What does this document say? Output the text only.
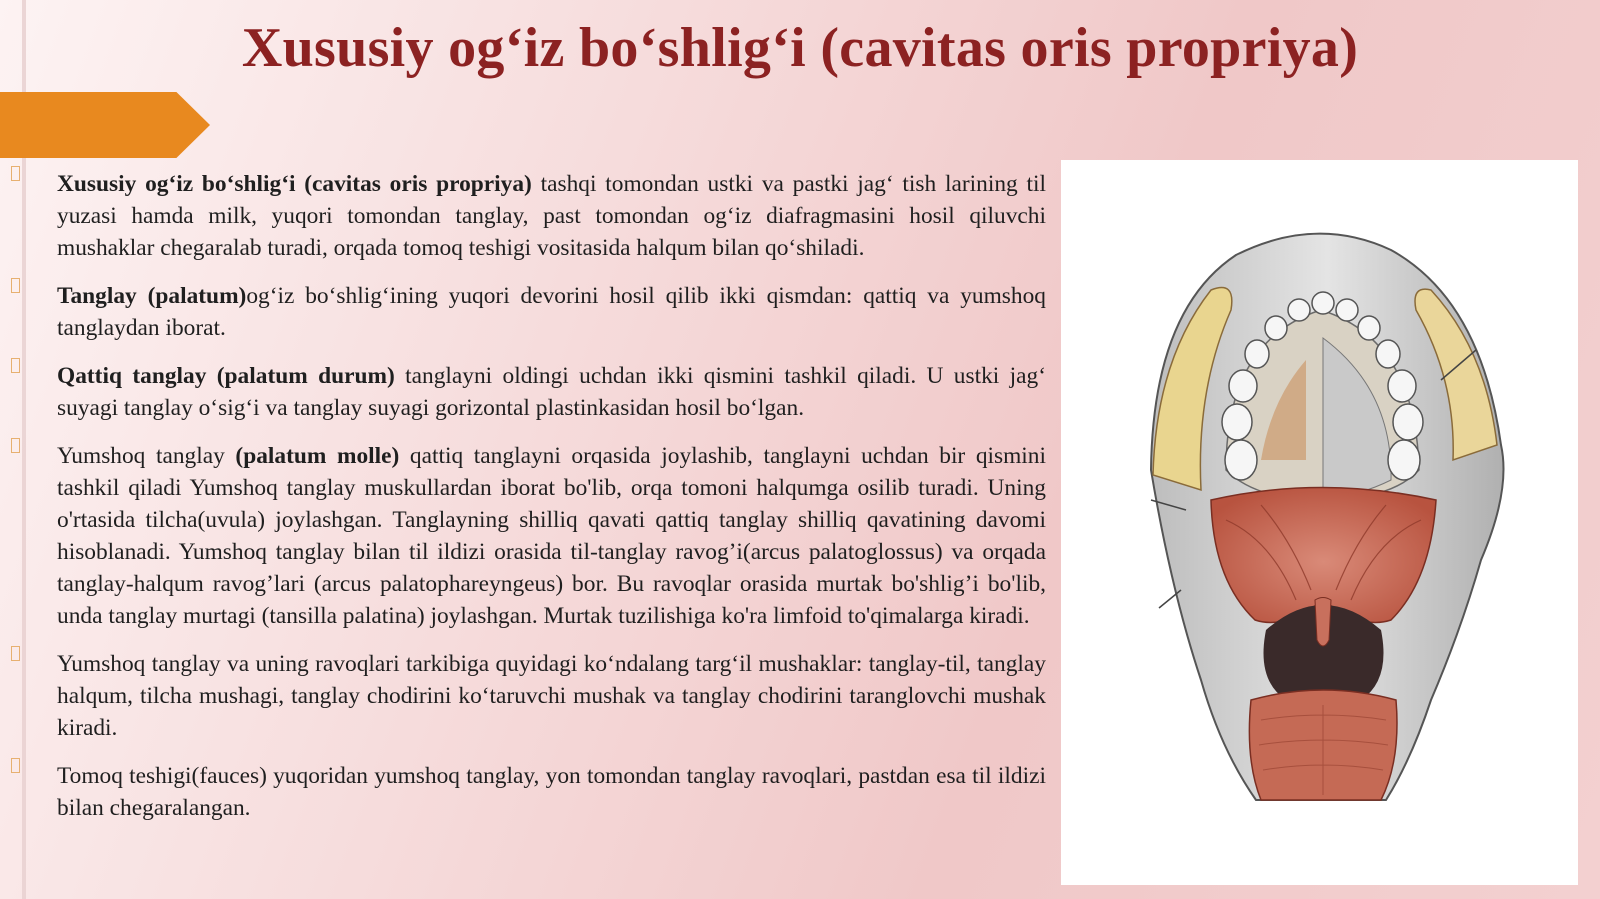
Xususiy og‘iz bo‘shlig‘i (cavitas oris propriya)

Xususiy og‘iz bo‘shlig‘i (cavitas oris propriya) tashqi tomondan ustki va pastki jag‘ tish larining til yuzasi hamda milk, yuqori tomondan tanglay, past tomondan og‘iz diafragmasini hosil qiluvchi mushaklar chegaralab turadi, orqada tomoq teshigi vositasida halqum bilan qo‘shiladi.

Tanglay (palatum)og‘iz bo‘shlig‘ining yuqori devorini hosil qilib ikki qismdan: qattiq va yumshoq tanglaydan iborat.

Qattiq tanglay (palatum durum) tanglayni oldingi uchdan ikki qismini tashkil qiladi. U ustki jag‘ suyagi tanglay o‘sig‘i va tanglay suyagi gorizontal plastinkasidan hosil bo‘lgan.

Yumshoq tanglay (palatum molle) qattiq tanglayni orqasida joylashib, tanglayni uchdan bir qismini tashkil qiladi Yumshoq tanglay muskullardan iborat bo'lib, orqa tomoni halqumga osilib turadi. Uning o'rtasida tilcha(uvula) joylashgan. Tanglayning shilliq qavati qattiq tanglay shilliq qavatining davomi hisoblanadi. Yumshoq tanglay bilan til ildizi orasida til-tanglay ravog’i(arcus palatoglossus) va orqada tanglay-halqum ravog’lari (arcus palatophareyngeus) bor. Bu ravoqlar orasida murtak bo'shlig’i bo'lib, unda tanglay murtagi (tansilla palatina) joylashgan. Murtak tuzilishiga ko'ra limfoid to'qimalarga kiradi.

Yumshoq tanglay va uning ravoqlari tarkibiga quyidagi ko‘ndalang targ‘il mushaklar: tanglay-til, tanglay halqum, tilcha mushagi, tanglay chodirini ko‘taruvchi mushak va tanglay chodirini taranglovchi mushak kiradi.

Tomoq teshigi(fauces) yuqoridan yumshoq tanglay, yon tomondan tanglay ravoqlari, pastdan esa til ildizi bilan chegaralangan.
